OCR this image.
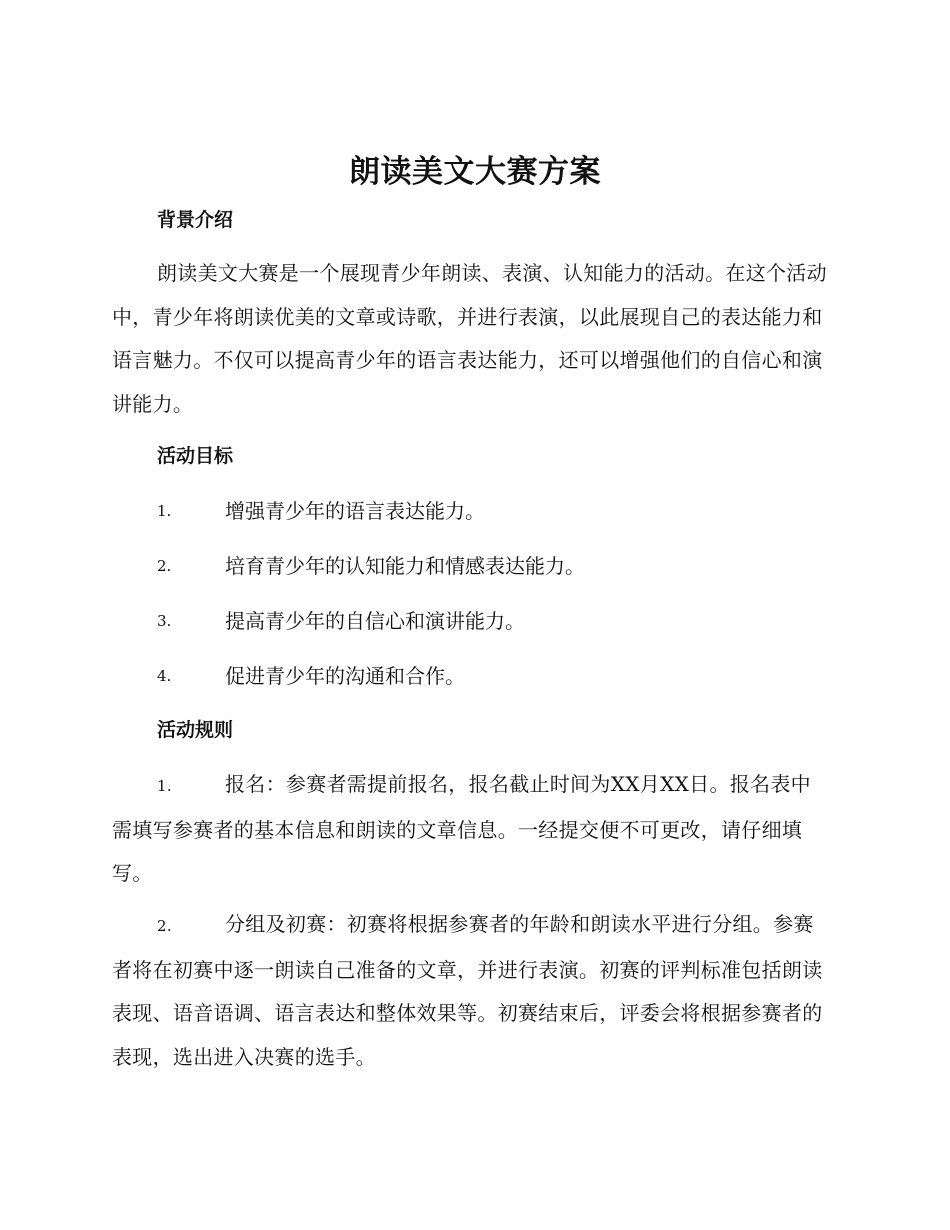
朗读美文大赛方案
背景介绍

朗读美文大赛是一个展现青少年朗读、表演、认知能力的活动。在这个活动中，青少年将朗读优美的文章或诗歌，并进行表演，以此展现自己的表达能力和语言魅力。不仅可以提高青少年的语言表达能力，还可以增强他们的自信心和演讲能力。

活动目标
1.	增强青少年的语言表达能力。
2.	培育青少年的认知能力和情感表达能力。
3.	提高青少年的自信心和演讲能力。
4.	促进青少年的沟通和合作。
活动规则

1.	报名：参赛者需提前报名，报名截止时间为XX月XX日。报名表中需填写参赛者的基本信息和朗读的文章信息。一经提交便不可更改，请仔细填写。

2.	分组及初赛：初赛将根据参赛者的年龄和朗读水平进行分组。参赛者将在初赛中逐一朗读自己准备的文章，并进行表演。初赛的评判标准包括朗读表现、语音语调、语言表达和整体效果等。初赛结束后，评委会将根据参赛者的表现，选出进入决赛的选手。
